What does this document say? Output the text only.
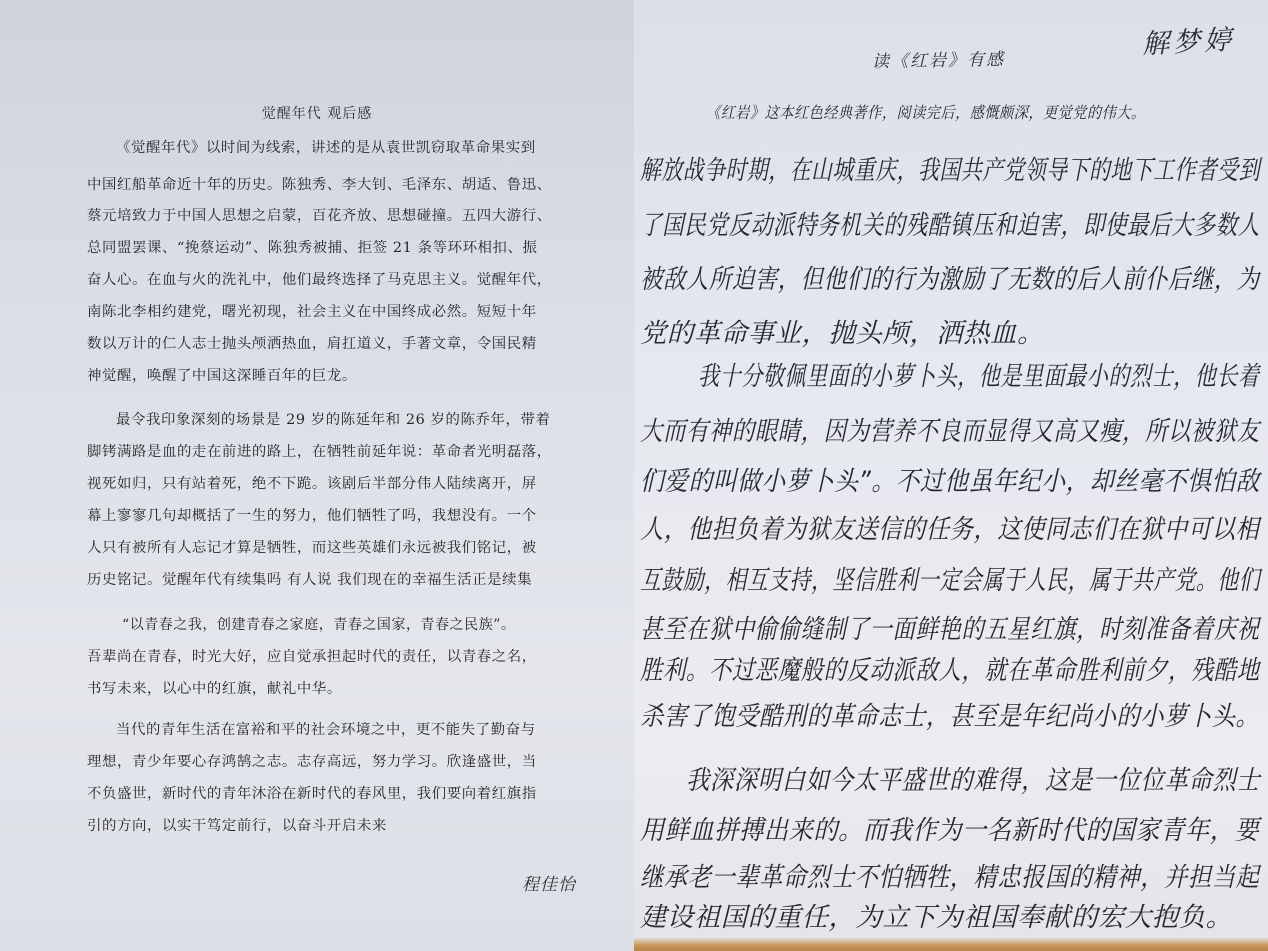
觉醒年代 观后感
《觉醒年代》以时间为线索，讲述的是从袁世凯窃取革命果实到
中国红船革命近十年的历史。陈独秀、李大钊、毛泽东、胡适、鲁迅、
蔡元培致力于中国人思想之启蒙，百花齐放、思想碰撞。五四大游行、
总同盟罢课、“挽蔡运动”、陈独秀被捕、拒签 21 条等环环相扣、振
奋人心。在血与火的洗礼中，他们最终选择了马克思主义。觉醒年代，
南陈北李相约建党，曙光初现，社会主义在中国终成必然。短短十年
数以万计的仁人志士抛头颅洒热血，肩扛道义，手著文章，令国民精
神觉醒，唤醒了中国这深睡百年的巨龙。
最令我印象深刻的场景是 29 岁的陈延年和 26 岁的陈乔年，带着
脚铐满路是血的走在前进的路上，在牺牲前延年说：革命者光明磊落，
视死如归，只有站着死，绝不下跪。该剧后半部分伟人陆续离开，屏
幕上寥寥几句却概括了一生的努力，他们牺牲了吗，我想没有。一个
人只有被所有人忘记才算是牺牲，而这些英雄们永远被我们铭记，被
历史铭记。觉醒年代有续集吗 有人说 我们现在的幸福生活正是续集
“以青春之我，创建青春之家庭，青春之国家，青春之民族”。
吾辈尚在青春，时光大好，应自觉承担起时代的责任，以青春之名，
书写未来，以心中的红旗，献礼中华。
当代的青年生活在富裕和平的社会环境之中，更不能失了勤奋与
理想，青少年要心存鸿鹄之志。志存高远，努力学习。欣逢盛世，当
不负盛世，新时代的青年沐浴在新时代的春风里，我们要向着红旗指
引的方向，以实干笃定前行，以奋斗开启未来
程佳怡
读《红岩》有感
解梦婷
《红岩》这本红色经典著作，阅读完后，感慨颇深，更觉党的伟大。
解放战争时期，在山城重庆，我国共产党领导下的地下工作者受到
了国民党反动派特务机关的残酷镇压和迫害，即使最后大多数人
被敌人所迫害，但他们的行为激励了无数的后人前仆后继，为
党的革命事业，抛头颅，洒热血。
我十分敬佩里面的小萝卜头，他是里面最小的烈士，他长着
大而有神的眼睛，因为营养不良而显得又高又瘦，所以被狱友
们爱的叫做小萝卜头”。不过他虽年纪小，却丝毫不惧怕敌
人，他担负着为狱友送信的任务，这使同志们在狱中可以相
互鼓励，相互支持，坚信胜利一定会属于人民，属于共产党。他们
甚至在狱中偷偷缝制了一面鲜艳的五星红旗，时刻准备着庆祝
胜利。不过恶魔般的反动派敌人，就在革命胜利前夕，残酷地
杀害了饱受酷刑的革命志士，甚至是年纪尚小的小萝卜头。
我深深明白如今太平盛世的难得，这是一位位革命烈士
用鲜血拼搏出来的。而我作为一名新时代的国家青年，要
继承老一辈革命烈士不怕牺牲，精忠报国的精神，并担当起
建设祖国的重任，为立下为祖国奉献的宏大抱负。
